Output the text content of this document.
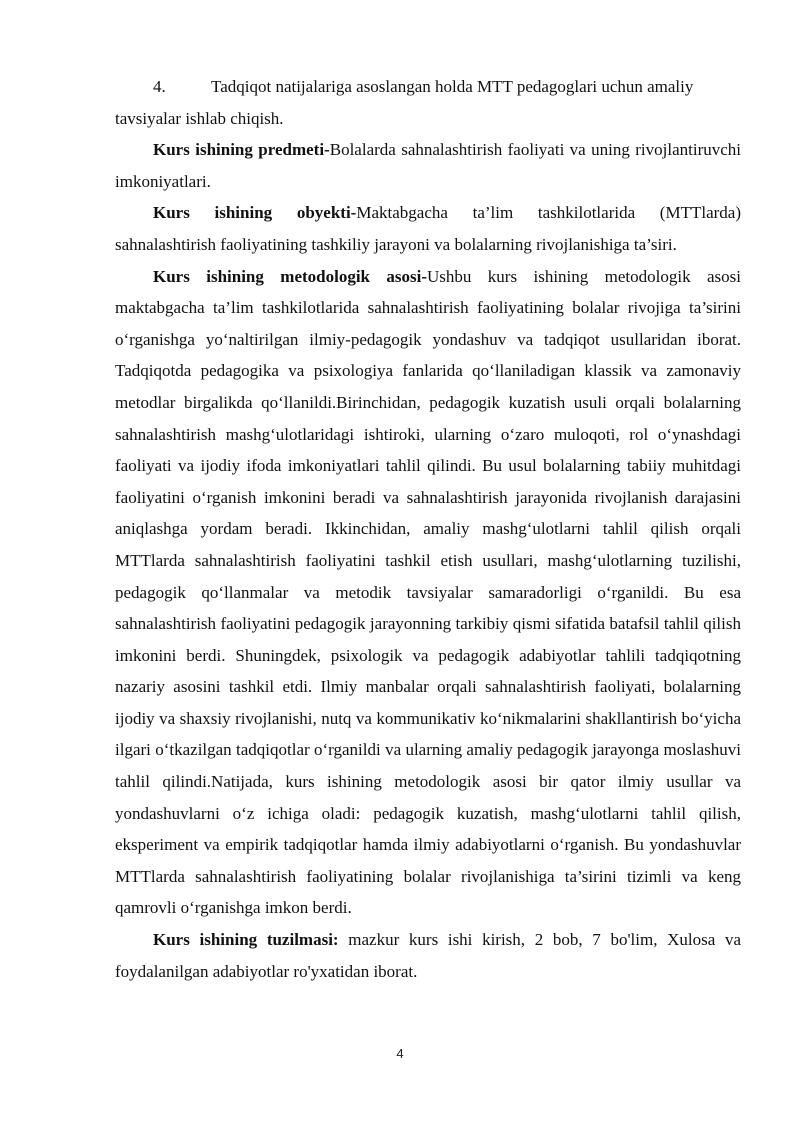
4.	Tadqiqot natijalariga asoslangan holda MTT pedagoglari uchun amaliy

tavsiyalar ishlab chiqish.

Kurs ishining predmeti-Bolalarda sahnalashtirish faoliyati va uning rivojlantiruvchi imkoniyatlari.

Kurs ishining obyekti-Maktabgacha ta’lim tashkilotlarida (MTTlarda) sahnalashtirish faoliyatining tashkiliy jarayoni va bolalarning rivojlanishiga ta’siri.

Kurs ishining metodologik asosi-Ushbu kurs ishining metodologik asosi maktabgacha ta’lim tashkilotlarida sahnalashtirish faoliyatining bolalar rivojiga ta’sirini o‘rganishga yo‘naltirilgan ilmiy-pedagogik yondashuv va tadqiqot usullaridan iborat. Tadqiqotda pedagogika va psixologiya fanlarida qo‘llaniladigan klassik va zamonaviy metodlar birgalikda qo‘llanildi.Birinchidan, pedagogik kuzatish usuli orqali bolalarning sahnalashtirish mashg‘ulotlaridagi ishtiroki, ularning o‘zaro muloqoti, rol o‘ynashdagi faoliyati va ijodiy ifoda imkoniyatlari tahlil qilindi. Bu usul bolalarning tabiiy muhitdagi faoliyatini o‘rganish imkonini beradi va sahnalashtirish jarayonida rivojlanish darajasini aniqlashga yordam beradi. Ikkinchidan, amaliy mashg‘ulotlarni tahlil qilish orqali MTTlarda sahnalashtirish faoliyatini tashkil etish usullari, mashg‘ulotlarning tuzilishi, pedagogik qo‘llanmalar va metodik tavsiyalar samaradorligi o‘rganildi. Bu esa sahnalashtirish faoliyatini pedagogik jarayonning tarkibiy qismi sifatida batafsil tahlil qilish imkonini berdi. Shuningdek, psixologik va pedagogik adabiyotlar tahlili tadqiqotning nazariy asosini tashkil etdi. Ilmiy manbalar orqali sahnalashtirish faoliyati, bolalarning ijodiy va shaxsiy rivojlanishi, nutq va kommunikativ ko‘nikmalarini shakllantirish bo‘yicha ilgari o‘tkazilgan tadqiqotlar o‘rganildi va ularning amaliy pedagogik jarayonga moslashuvi tahlil qilindi.Natijada, kurs ishining metodologik asosi bir qator ilmiy usullar va yondashuvlarni o‘z ichiga oladi: pedagogik kuzatish, mashg‘ulotlarni tahlil qilish, eksperiment va empirik tadqiqotlar hamda ilmiy adabiyotlarni o‘rganish. Bu yondashuvlar MTTlarda sahnalashtirish faoliyatining bolalar rivojlanishiga ta’sirini tizimli va keng qamrovli o‘rganishga imkon berdi.

Kurs ishining tuzilmasi: mazkur kurs ishi kirish, 2 bob, 7 bo'lim, Xulosa va foydalanilgan adabiyotlar ro'yxatidan iborat.

4
